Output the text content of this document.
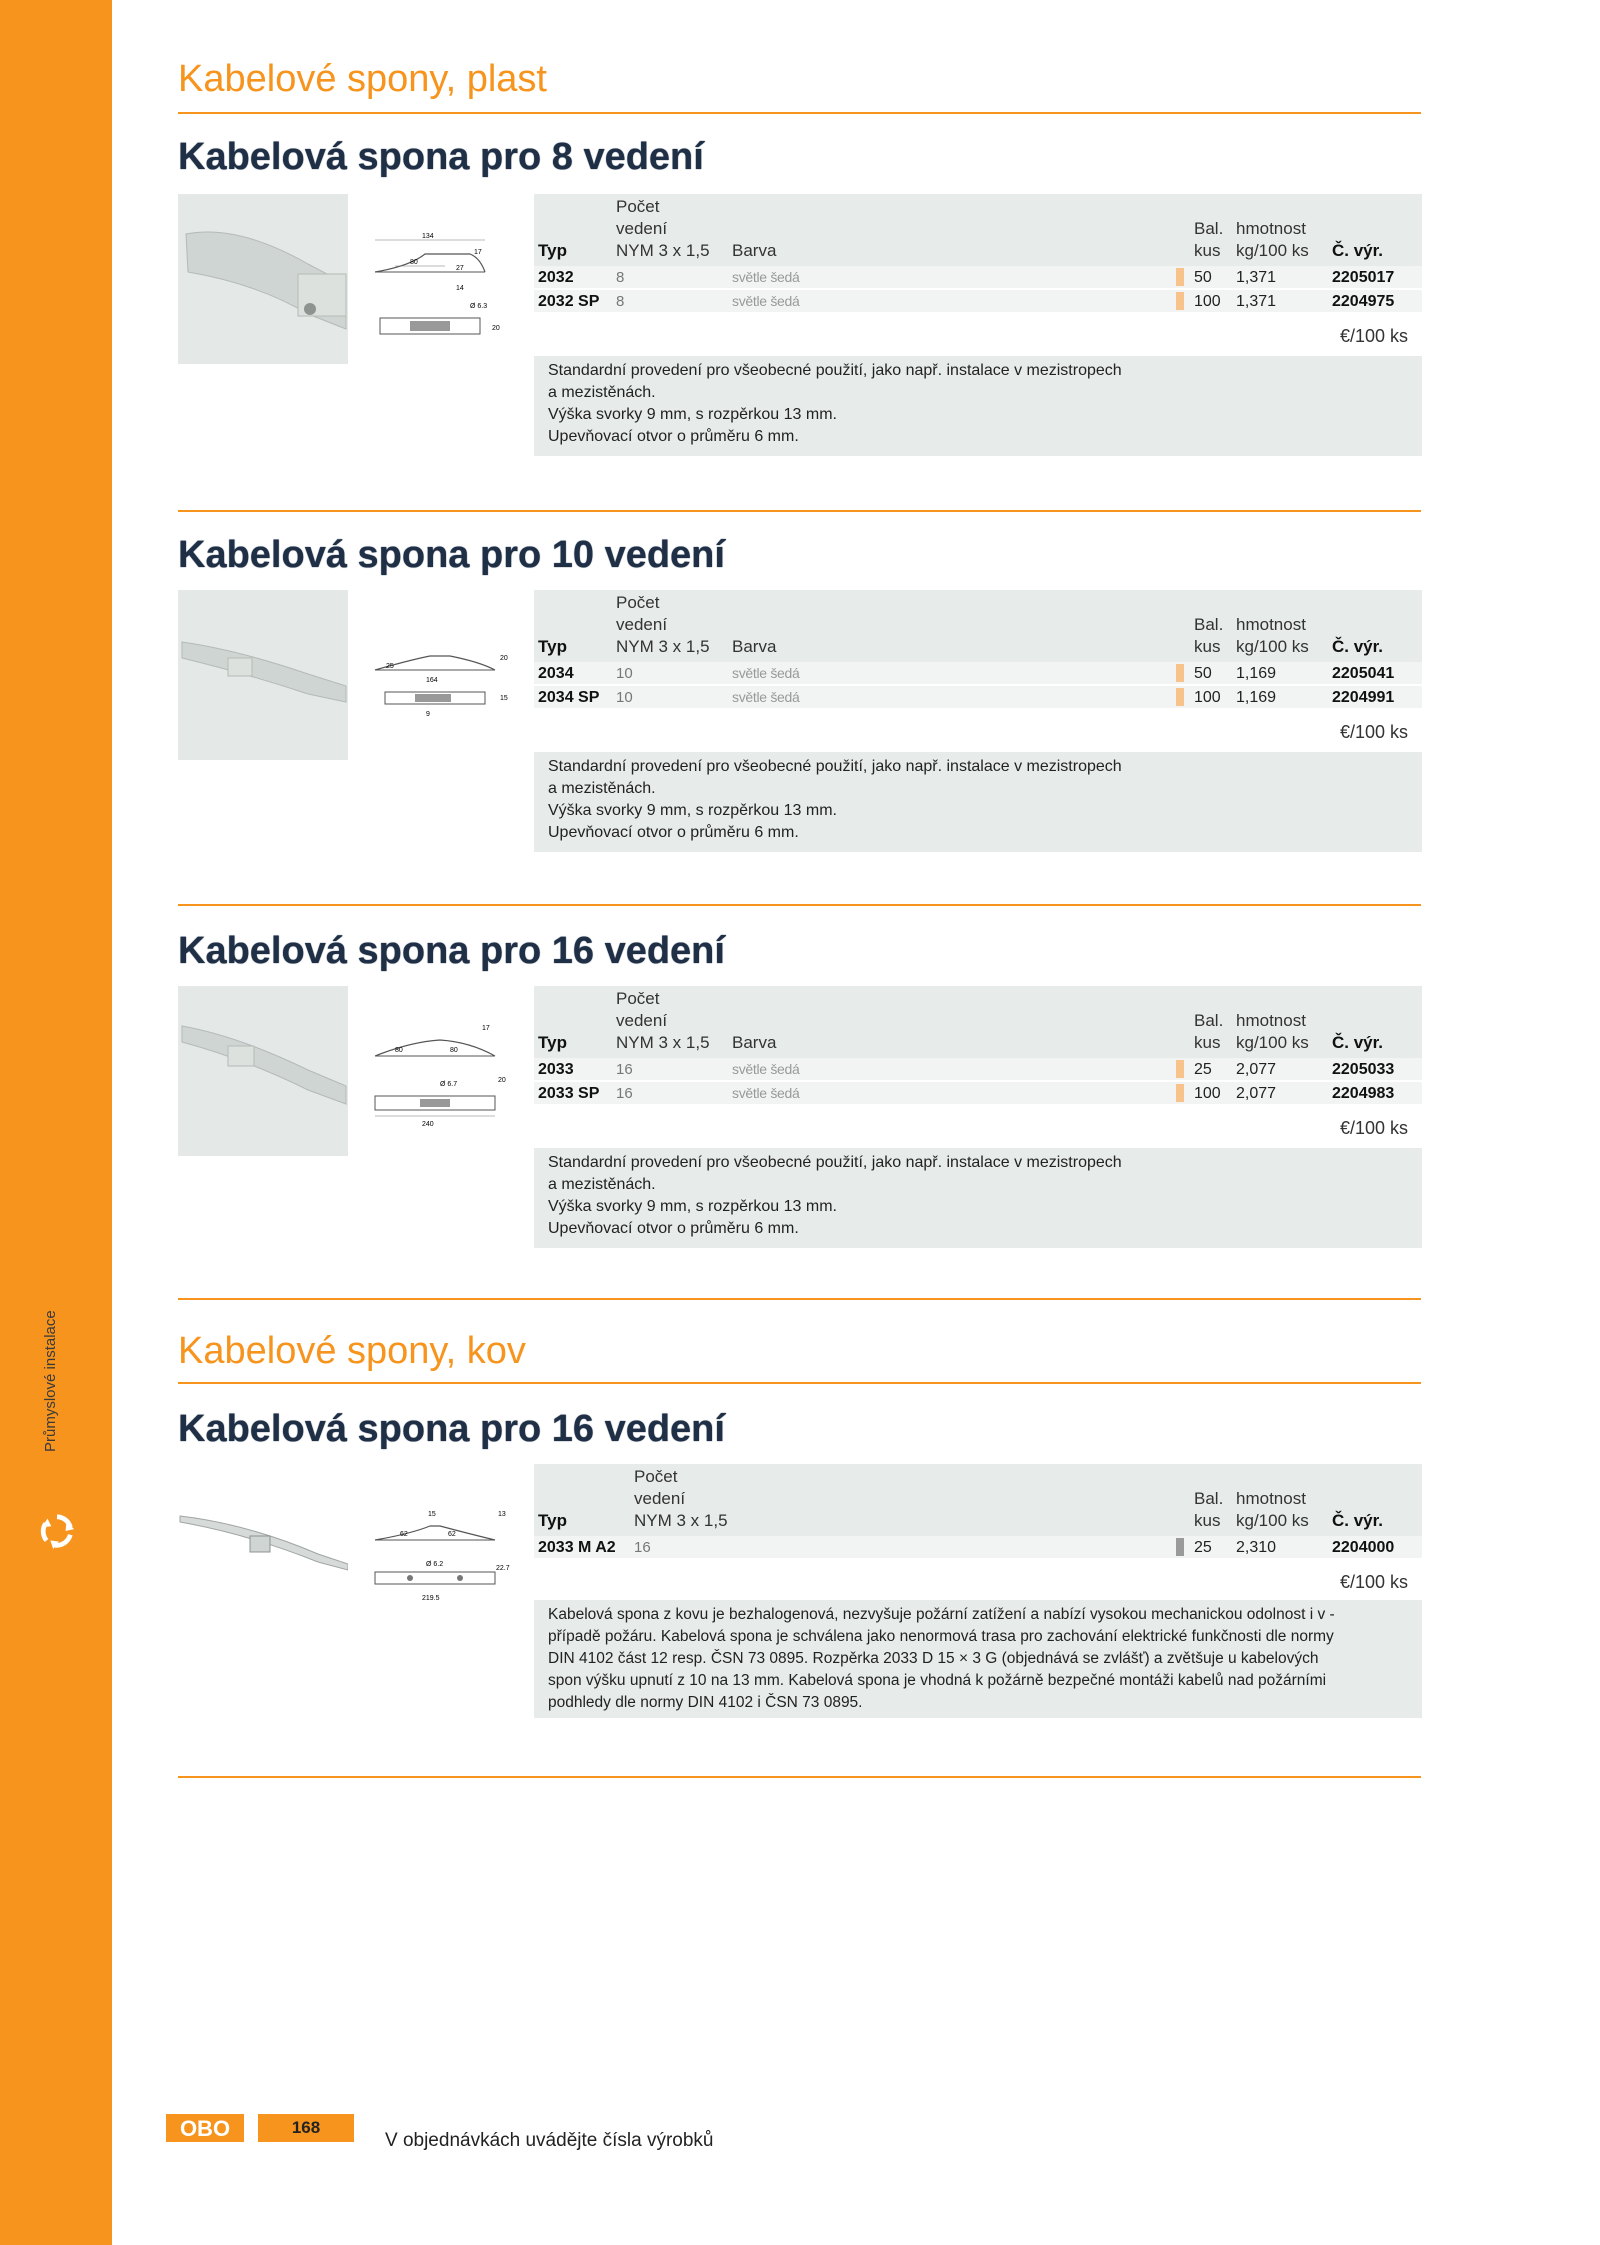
Průmyslové instalace
Kabelové spony, plast
Kabelová spona pro 8 vedení
134
80
27
17
14
Ø 6.3
20
Počet
vedení
NYM 3 x 1,5
Typ	Barva
Bal.
kus
hmotnost
kg/100 ks Č. výr.
2032	8	světle šedá	50 1,371	2205017
2032 SP 8	světle šedá	100 1,371	2204975
€/100 ks
Standardní provedení pro všeobecné použití, jako např. instalace v mezistropech
a mezistěnách.
Výška svorky 9 mm, s rozpěrkou 13 mm.
Upevňovací otvor o průměru 6 mm.
Kabelová spona pro 10 vedení
25
164
20
15
9
Počet
vedení
NYM 3 x 1,5
Typ	Barva
Bal.
kus
hmotnost
kg/100 ks Č. výr.
2034	10	světle šedá	50 1,169	2205041
2034 SP 10	světle šedá	100 1,169	2204991
€/100 ks
Standardní provedení pro všeobecné použití, jako např. instalace v mezistropech
a mezistěnách.
Výška svorky 9 mm, s rozpěrkou 13 mm.
Upevňovací otvor o průměru 6 mm.
Kabelová spona pro 16 vedení
80	80
17
Ø 6.7
20
240
Počet
vedení
NYM 3 x 1,5
Typ	Barva
Bal.
kus
hmotnost
kg/100 ks Č. výr.
2033	16	světle šedá	25 2,077	2205033
2033 SP 16	světle šedá	100 2,077	2204983
€/100 ks
Standardní provedení pro všeobecné použití, jako např. instalace v mezistropech
a mezistěnách.
Výška svorky 9 mm, s rozpěrkou 13 mm.
Upevňovací otvor o průměru 6 mm.
Kabelové spony, kov
Kabelová spona pro 16 vedení
15
62	62
13
Ø 6.2
22.7
219.5
Počet
vedení
NYM 3 x 1,5
Typ
Bal.
kus
hmotnost
kg/100 ks Č. výr.
2033 M A2 16	25 2,310	2204000
€/100 ks
Kabelová spona z kovu je bezhalogenová, nezvyšuje požární zatížení a nabízí vysokou mechanickou odolnost i v -
případě požáru. Kabelová spona je schválena jako nenormová trasa pro zachování elektrické funkčnosti dle normy
DIN 4102 část 12 resp. ČSN 73 0895. Rozpěrka 2033 D 15 × 3 G (objednává se zvlášť) a zvětšuje u kabelových
spon výšku upnutí z 10 na 13 mm. Kabelová spona je vhodná k požárně bezpečné montáži kabelů nad požárními
podhledy dle normy DIN 4102 i ČSN 73 0895.
OBO	168
V objednávkách uvádějte čísla výrobků
